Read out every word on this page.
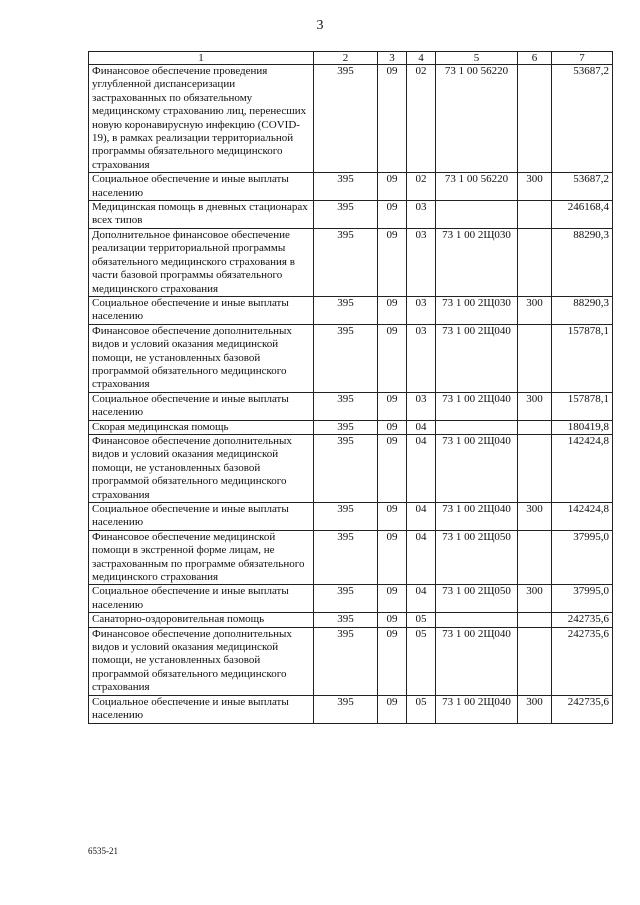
3
1	2	3	4	5	6	7
Финансовое обеспечение проведения углубленной диспансеризации застрахованных по обязательному медицинскому страхованию лиц, перенесших новую коронавирусную инфекцию (COVID-19), в рамках реализации территориальной программы обязательного медицинского страхования	395	09	02	73 1 00 56220		53687,2
Социальное обеспечение и иные выплаты населению	395	09	02	73 1 00 56220	300	53687,2
Медицинская помощь в дневных стационарах всех типов	395	09	03			246168,4
Дополнительное финансовое обеспечение реализации территориальной программы обязательного медицинского страхования в части базовой программы обязательного медицинского страхования	395	09	03	73 1 00 2Щ030		88290,3
Социальное обеспечение и иные выплаты населению	395	09	03	73 1 00 2Щ030	300	88290,3
Финансовое обеспечение дополнительных видов и условий оказания медицинской помощи, не установленных базовой программой обязательного медицинского страхования	395	09	03	73 1 00 2Щ040		157878,1
Социальное обеспечение и иные выплаты населению	395	09	03	73 1 00 2Щ040	300	157878,1
Скорая медицинская помощь	395	09	04			180419,8
Финансовое обеспечение дополнительных видов и условий оказания медицинской помощи, не установленных базовой программой обязательного медицинского страхования	395	09	04	73 1 00 2Щ040		142424,8
Социальное обеспечение и иные выплаты населению	395	09	04	73 1 00 2Щ040	300	142424,8
Финансовое обеспечение медицинской помощи в экстренной форме лицам, не застрахованным по программе обязательного медицинского страхования	395	09	04	73 1 00 2Щ050		37995,0
Социальное обеспечение и иные выплаты населению	395	09	04	73 1 00 2Щ050	300	37995,0
Санаторно-оздоровительная помощь	395	09	05			242735,6
Финансовое обеспечение дополнительных видов и условий оказания медицинской помощи, не установленных базовой программой обязательного медицинского страхования	395	09	05	73 1 00 2Щ040		242735,6
Социальное обеспечение и иные выплаты населению	395	09	05	73 1 00 2Щ040	300	242735,6
6535-21
